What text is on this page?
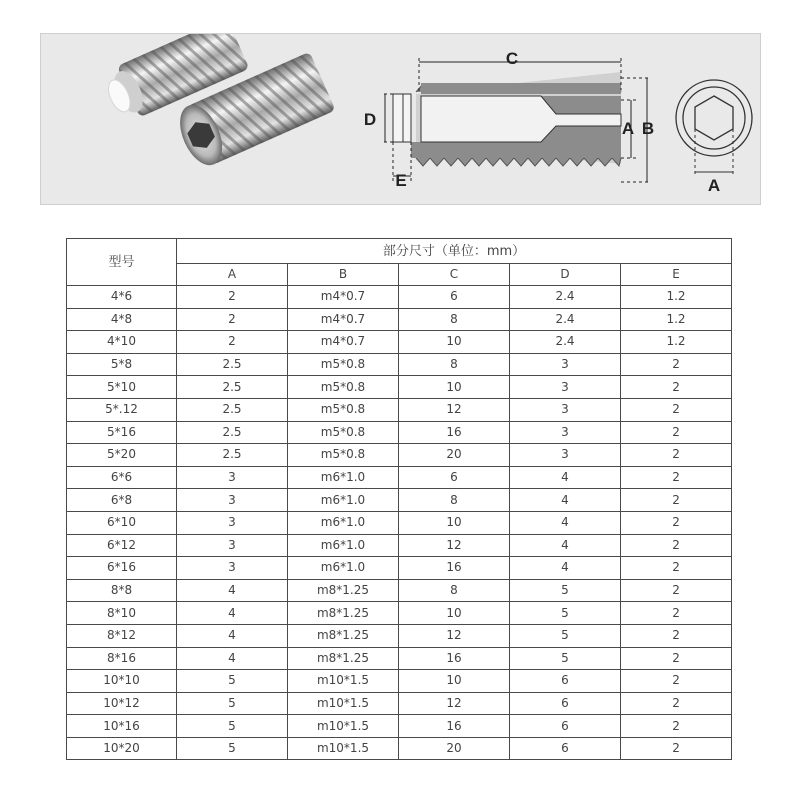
C
D
E
A B
A
型号	部分尺寸（单位：mm）				
	A	B	C	D	E
4*6	2	m4*0.7	6	2.4	1.2
4*8	2	m4*0.7	8	2.4	1.2
4*10	2	m4*0.7	10	2.4	1.2
5*8	2.5	m5*0.8	8	3	2
5*10	2.5	m5*0.8	10	3	2
5*.12	2.5	m5*0.8	12	3	2
5*16	2.5	m5*0.8	16	3	2
5*20	2.5	m5*0.8	20	3	2
6*6	3	m6*1.0	6	4	2
6*8	3	m6*1.0	8	4	2
6*10	3	m6*1.0	10	4	2
6*12	3	m6*1.0	12	4	2
6*16	3	m6*1.0	16	4	2
8*8	4	m8*1.25	8	5	2
8*10	4	m8*1.25	10	5	2
8*12	4	m8*1.25	12	5	2
8*16	4	m8*1.25	16	5	2
10*10	5	m10*1.5	10	6	2
10*12	5	m10*1.5	12	6	2
10*16	5	m10*1.5	16	6	2
10*20	5	m10*1.5	20	6	2
